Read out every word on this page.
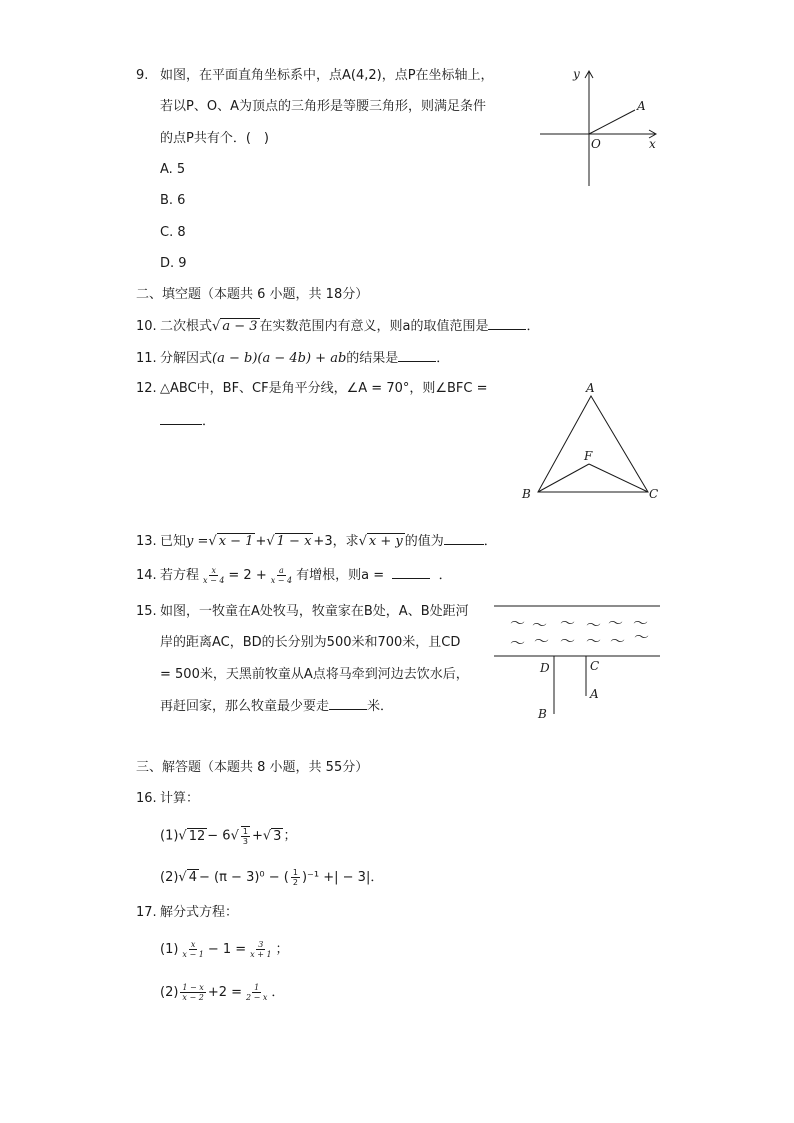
9. 如图，在平面直角坐标系中，点A(4,2)，点P在坐标轴上，
若以P、O、A为顶点的三角形是等腰三角形，则满足条件
的点P共有个．(　)
A. 5
B. 6
C. 8
D. 9
y
x
O
A
二、填空题（本题共 6 小题，共 18分）
10. 二次根式√ a − 3 在实数范围内有意义，则a的取值范围是	．
11. 分解因式(a − b)(a − 4b) + ab的结果是	．
12. △ABC中，BF、CF是角平分线，∠A = 70°，则∠BFC =
．
A
B	C
F
13. 已知y =√ x − 1 +√ 1 − x +3，求√ x + y 的值为	．
14. 若方程 $\frac{x}{x - 4} = 2 + \frac{a}{x - 4}$ 有增根，则a =	．
15. 如图，一牧童在A处牧马，牧童家在B处，A、B处距河
岸的距离AC，BD的长分别为500米和700米，且CD
= 500米，天黑前牧童从A点将马牵到河边去饮水后，
再赶回家，那么牧童最少要走	米．
～ ～ ～ ～ ～ ～
～ ～ ～ ～ ～ ～
D	C
A
B
三、解答题（本题共 8 小题，共 55分）
16. 计算：
(1)√ $12 - 6√ \frac{1}{3}$ +√ 3 ；
(2)√ 4 − (π − 3)⁰ − ( $\frac{1}{2} )^{-1}$ +| − 3|．
17. 解分式方程：
$(1) \frac{x}{x - 1} - 1 = \frac{3}{x + 1}$ ；
$(2) \frac{1 - x}{x - 2} +2 = \frac{1}{2 - x}$ ．
